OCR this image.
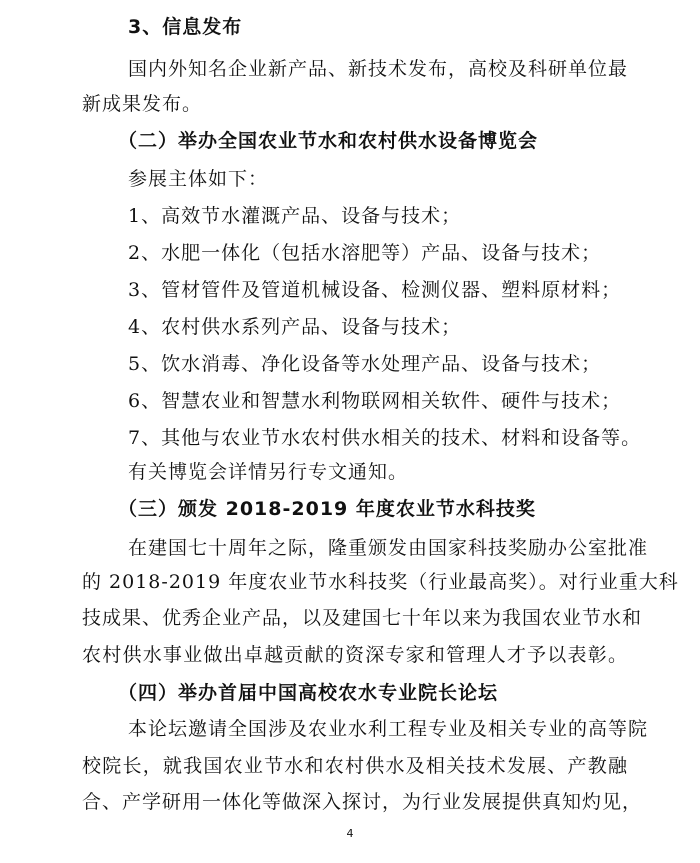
3、信息发布
国内外知名企业新产品、新技术发布，高校及科研单位最
新成果发布。
（二）举办全国农业节水和农村供水设备博览会
参展主体如下：
1、高效节水灌溉产品、设备与技术；
2、水肥一体化（包括水溶肥等）产品、设备与技术；
3、管材管件及管道机械设备、检测仪器、塑料原材料；
4、农村供水系列产品、设备与技术；
5、饮水消毒、净化设备等水处理产品、设备与技术；
6、智慧农业和智慧水利物联网相关软件、硬件与技术；
7、其他与农业节水农村供水相关的技术、材料和设备等。
有关博览会详情另行专文通知。
（三）颁发 2018-2019 年度农业节水科技奖
在建国七十周年之际，隆重颁发由国家科技奖励办公室批准
的 2018-2019 年度农业节水科技奖（行业最高奖）。对行业重大科
技成果、优秀企业产品，以及建国七十年以来为我国农业节水和
农村供水事业做出卓越贡献的资深专家和管理人才予以表彰。
（四）举办首届中国高校农水专业院长论坛
本论坛邀请全国涉及农业水利工程专业及相关专业的高等院
校院长，就我国农业节水和农村供水及相关技术发展、产教融
合、产学研用一体化等做深入探讨，为行业发展提供真知灼见，
4
